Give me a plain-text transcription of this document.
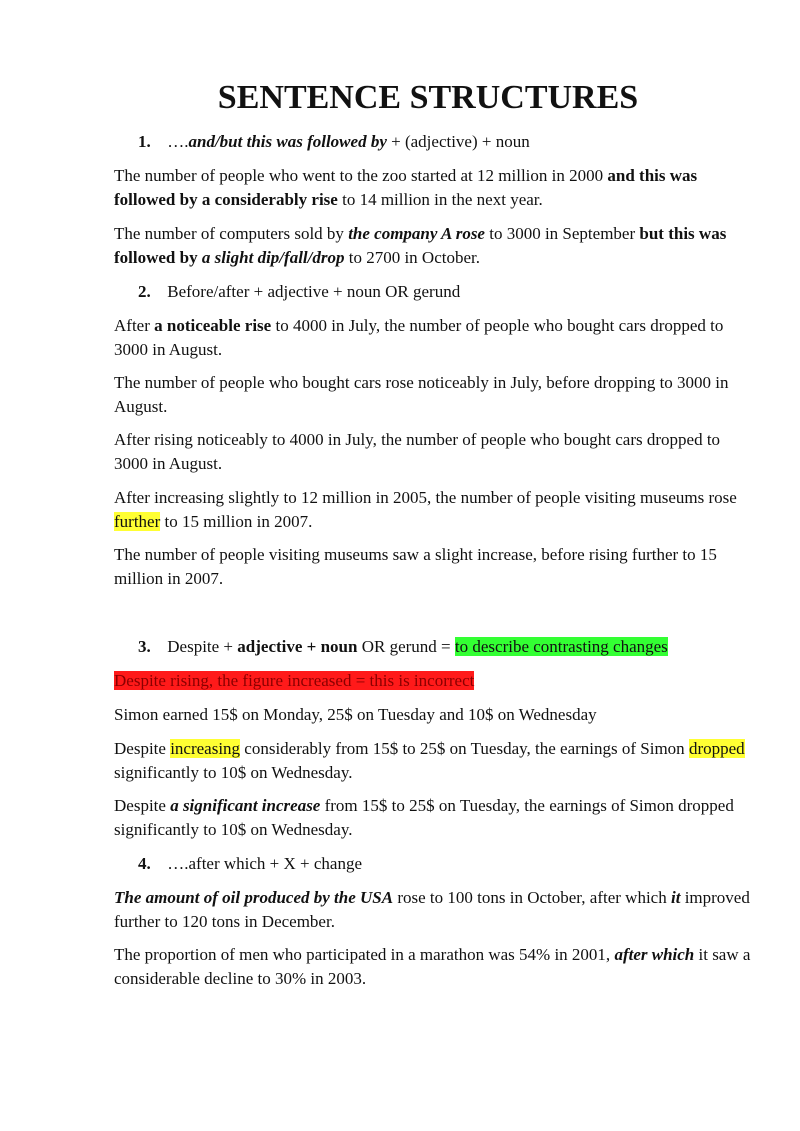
SENTENCE STRUCTURES
1. ….and/but this was followed by + (adjective) + noun
The number of people who went to the zoo started at 12 million in 2000 and this was followed by a considerably rise to 14 million in the next year.
The number of computers sold by the company A rose to 3000 in September but this was followed by a slight dip/fall/drop to 2700 in October.
2. Before/after + adjective + noun OR gerund
After a noticeable rise to 4000 in July, the number of people who bought cars dropped to 3000 in August.
The number of people who bought cars rose noticeably in July, before dropping to 3000 in August.
After rising noticeably to 4000 in July, the number of people who bought cars dropped to 3000 in August.
After increasing slightly to 12 million in 2005, the number of people visiting museums rose further to 15 million in 2007.
The number of people visiting museums saw a slight increase, before rising further to 15 million in 2007.
3. Despite + adjective + noun OR gerund = to describe contrasting changes
Despite rising, the figure increased = this is incorrect
Simon earned 15$ on Monday, 25$ on Tuesday and 10$ on Wednesday
Despite increasing considerably from 15$ to 25$ on Tuesday, the earnings of Simon dropped significantly to 10$ on Wednesday.
Despite a significant increase from 15$ to 25$ on Tuesday, the earnings of Simon dropped significantly to 10$ on Wednesday.
4. ….after which + X + change
The amount of oil produced by the USA rose to 100 tons in October, after which it improved further to 120 tons in December.
The proportion of men who participated in a marathon was 54% in 2001, after which it saw a considerable decline to 30% in 2003.
